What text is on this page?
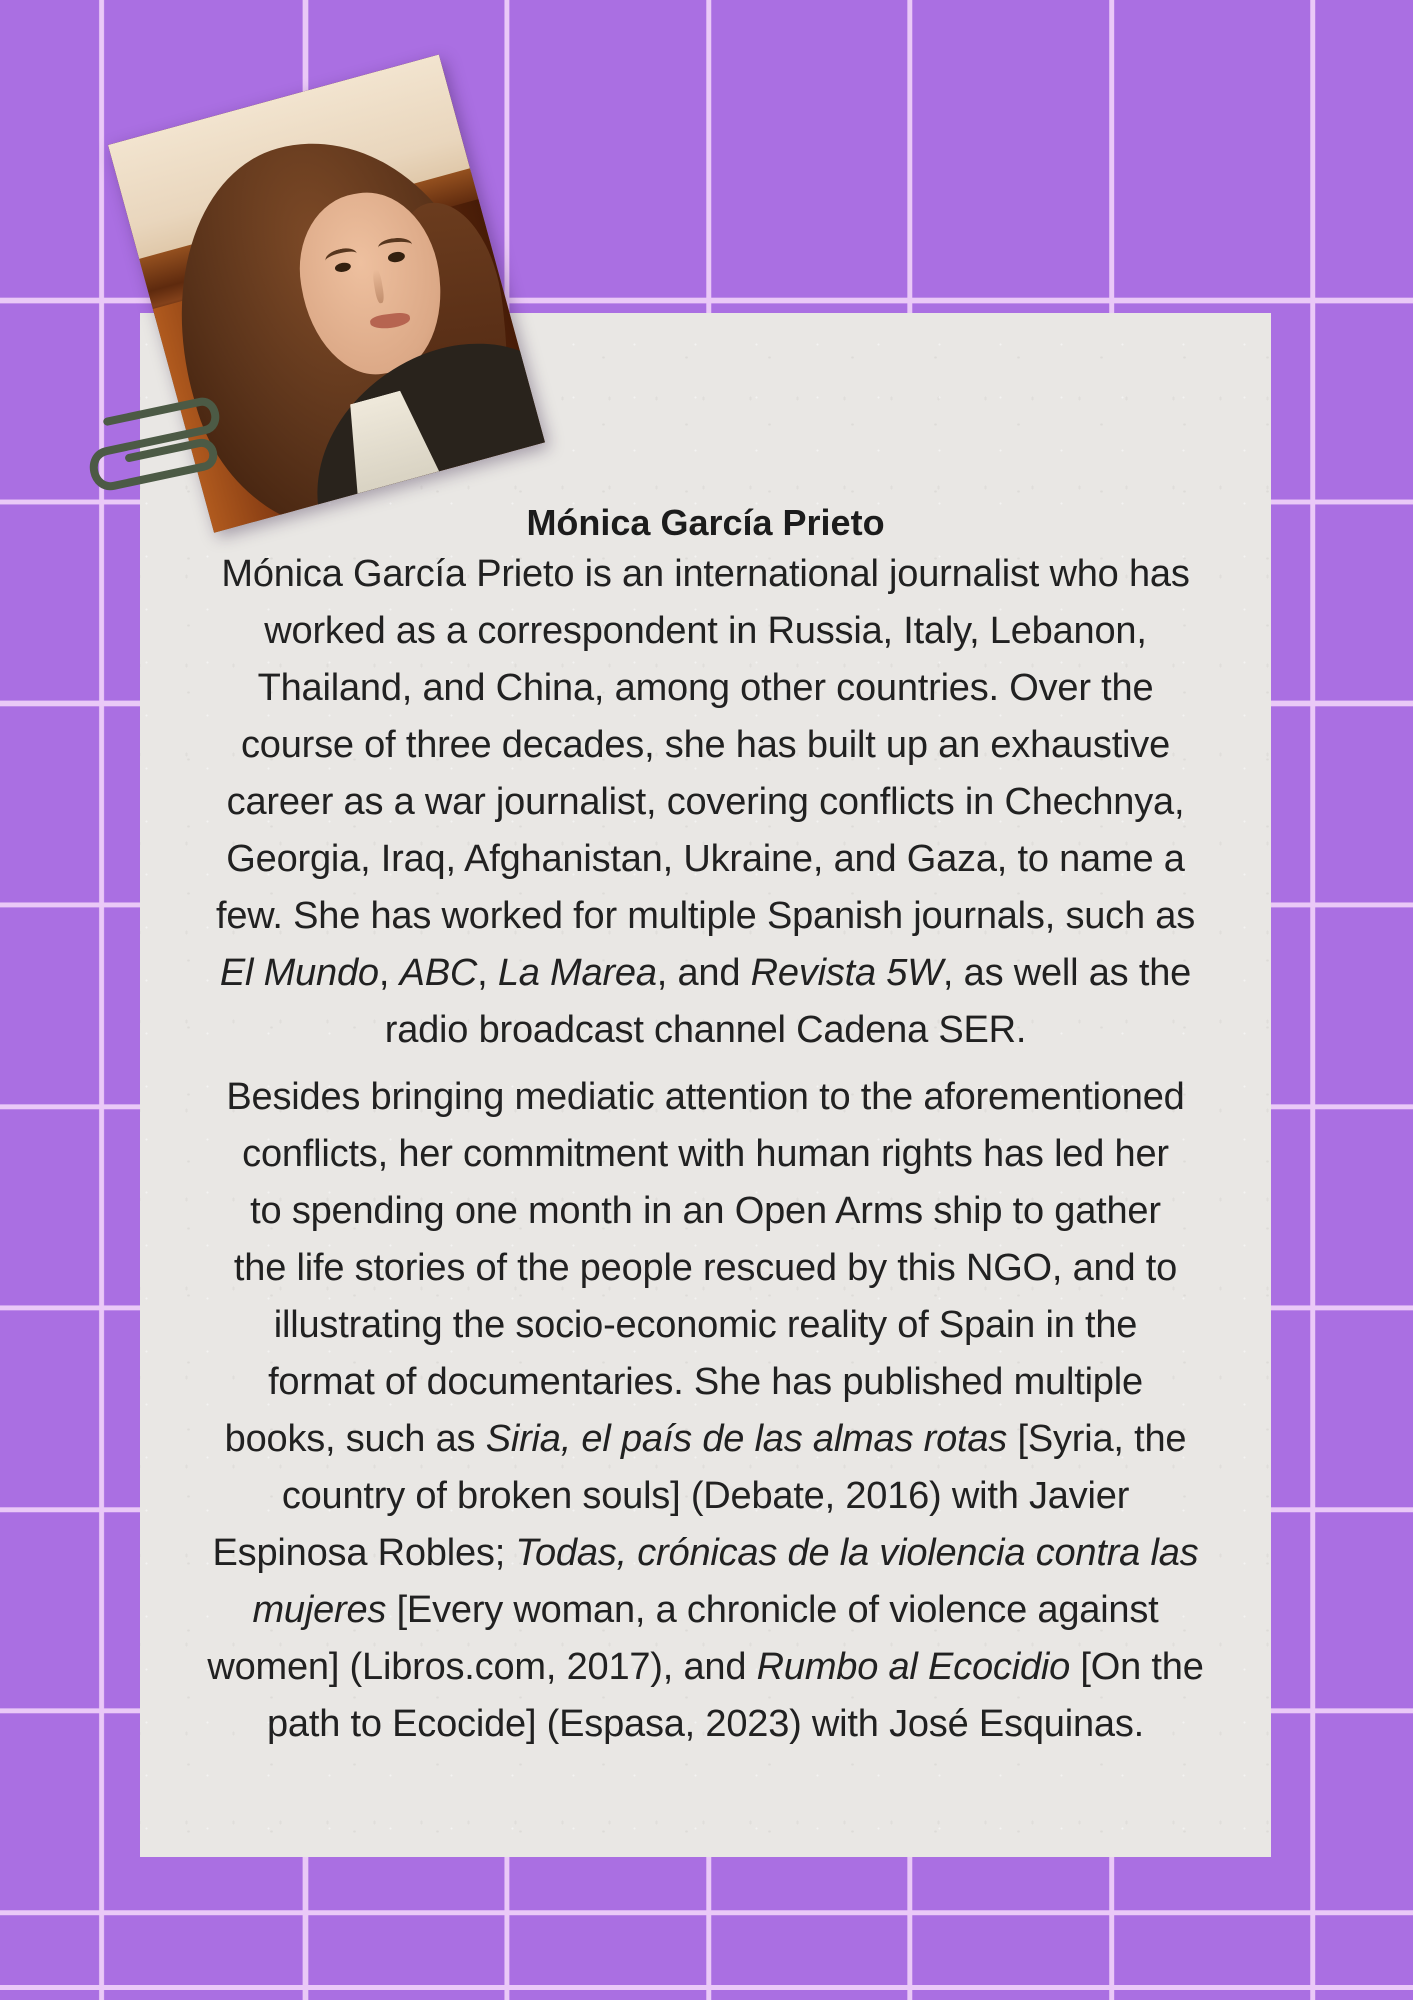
Mónica García Prieto
Mónica García Prieto is an international journalist who has
worked as a correspondent in Russia, Italy, Lebanon,
Thailand, and China, among other countries. Over the
course of three decades, she has built up an exhaustive
career as a war journalist, covering conflicts in Chechnya,
Georgia, Iraq, Afghanistan, Ukraine, and Gaza, to name a
few. She has worked for multiple Spanish journals, such as
El Mundo, ABC, La Marea, and Revista 5W, as well as the
radio broadcast channel Cadena SER.
Besides bringing mediatic attention to the aforementioned
conflicts, her commitment with human rights has led her
to spending one month in an Open Arms ship to gather
the life stories of the people rescued by this NGO, and to
illustrating the socio-economic reality of Spain in the
format of documentaries. She has published multiple
books, such as Siria, el país de las almas rotas [Syria, the
country of broken souls] (Debate, 2016) with Javier
Espinosa Robles; Todas, crónicas de la violencia contra las
mujeres [Every woman, a chronicle of violence against
women] (Libros.com, 2017), and Rumbo al Ecocidio [On the
path to Ecocide] (Espasa, 2023) with José Esquinas.
